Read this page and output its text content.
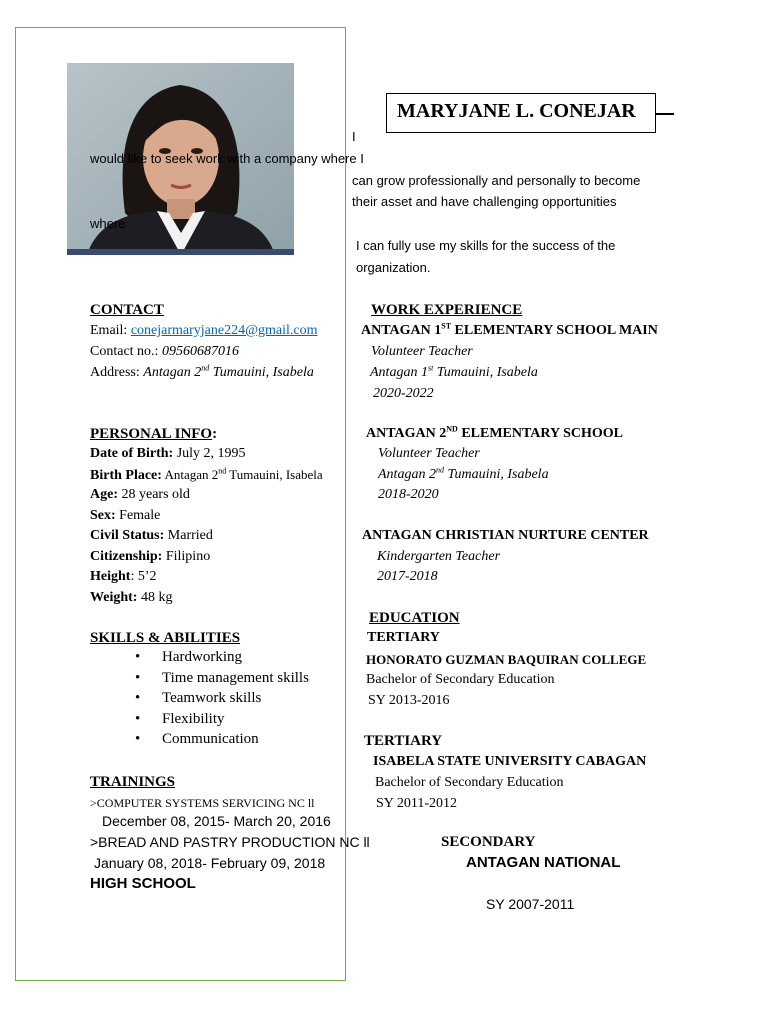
MARYJANE L. CONEJAR
I
would like to seek work with a company where I
can grow professionally and personally to become
their asset and have challenging opportunities
where
I can fully use my skills for the success of the
organization.
CONTACT
Email: conejarmaryjane224@gmail.com
Contact no.: 09560687016
Address: Antagan 2nd Tumauini, Isabela
PERSONAL INFO:
Date of Birth: July 2, 1995
Birth Place: Antagan 2nd Tumauini, Isabela
Age: 28 years old
Sex: Female
Civil Status: Married
Citizenship: Filipino
Height: 5’2
Weight: 48 kg
SKILLS & ABILITIES
• Hardworking
• Time management skills
• Teamwork skills
• Flexibility
• Communication
TRAININGS
>COMPUTER SYSTEMS SERVICING NC ll
December 08, 2015- March 20, 2016
>BREAD AND PASTRY PRODUCTION NC ll
January 08, 2018- February 09, 2018
WORK EXPERIENCE
ANTAGAN 1ST ELEMENTARY SCHOOL MAIN
Volunteer Teacher
Antagan 1st Tumauini, Isabela
2020-2022
ANTAGAN 2ND ELEMENTARY SCHOOL
Volunteer Teacher
Antagan 2nd Tumauini, Isabela
2018-2020
ANTAGAN CHRISTIAN NURTURE CENTER
Kindergarten Teacher
2017-2018
EDUCATION
TERTIARY
HONORATO GUZMAN BAQUIRAN COLLEGE
Bachelor of Secondary Education
SY 2013-2016
TERTIARY
ISABELA STATE UNIVERSITY CABAGAN
Bachelor of Secondary Education
SY 2011-2012
SECONDARY
ANTAGAN NATIONAL
HIGH SCHOOL
SY 2007-2011
